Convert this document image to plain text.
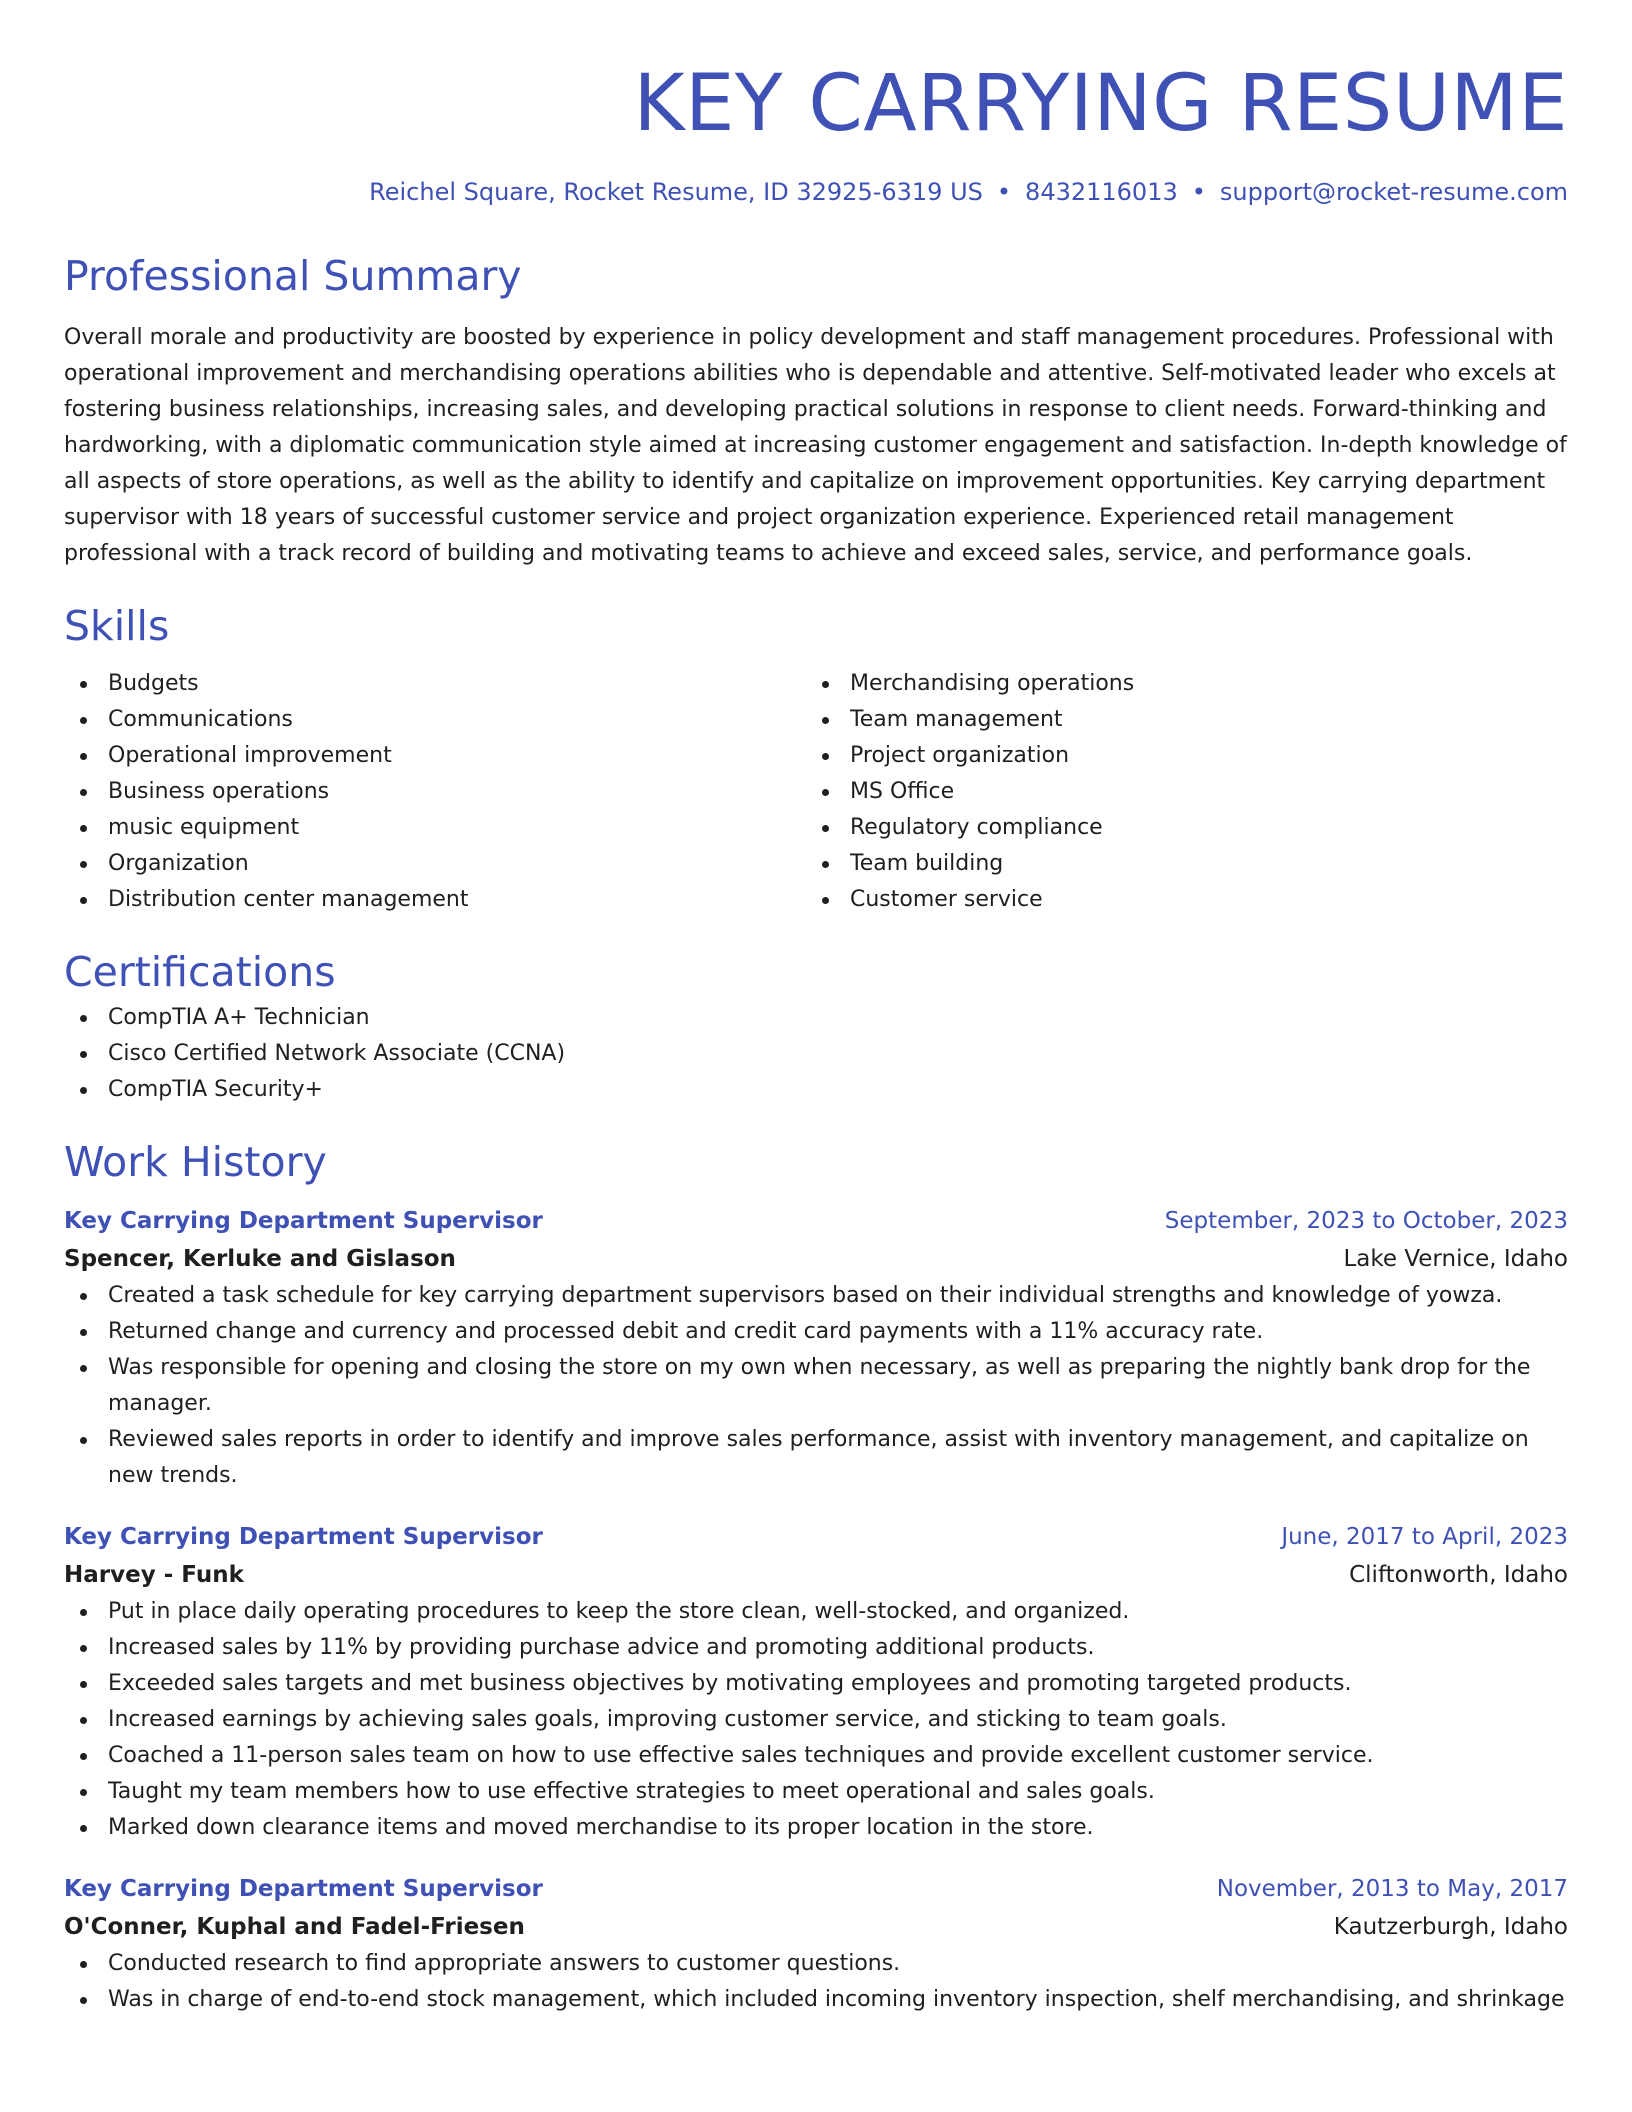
KEY CARRYING RESUME
Reichel Square, Rocket Resume, ID 32925-6319 US • 8432116013 • support@rocket-resume.com
Professional Summary
Overall morale and productivity are boosted by experience in policy development and staff management procedures. Professional with operational improvement and merchandising operations abilities who is dependable and attentive. Self-motivated leader who excels at fostering business relationships, increasing sales, and developing practical solutions in response to client needs. Forward-thinking and hardworking, with a diplomatic communication style aimed at increasing customer engagement and satisfaction. In-depth knowledge of all aspects of store operations, as well as the ability to identify and capitalize on improvement opportunities. Key carrying department supervisor with 18 years of successful customer service and project organization experience. Experienced retail management professional with a track record of building and motivating teams to achieve and exceed sales, service, and performance goals.
Skills
Budgets
Communications
Operational improvement
Business operations
music equipment
Organization
Distribution center management
Merchandising operations
Team management
Project organization
MS Office
Regulatory compliance
Team building
Customer service
Certifications
CompTIA A+ Technician
Cisco Certified Network Associate (CCNA)
CompTIA Security+
Work History
Key Carrying Department Supervisor	September, 2023 to October, 2023
Spencer, Kerluke and Gislason	Lake Vernice, Idaho
Created a task schedule for key carrying department supervisors based on their individual strengths and knowledge of yowza.
Returned change and currency and processed debit and credit card payments with a 11% accuracy rate.
Was responsible for opening and closing the store on my own when necessary, as well as preparing the nightly bank drop for the manager.
Reviewed sales reports in order to identify and improve sales performance, assist with inventory management, and capitalize on new trends.
Key Carrying Department Supervisor	June, 2017 to April, 2023
Harvey - Funk	Cliftonworth, Idaho
Put in place daily operating procedures to keep the store clean, well-stocked, and organized.
Increased sales by 11% by providing purchase advice and promoting additional products.
Exceeded sales targets and met business objectives by motivating employees and promoting targeted products.
Increased earnings by achieving sales goals, improving customer service, and sticking to team goals.
Coached a 11-person sales team on how to use effective sales techniques and provide excellent customer service.
Taught my team members how to use effective strategies to meet operational and sales goals.
Marked down clearance items and moved merchandise to its proper location in the store.
Key Carrying Department Supervisor	November, 2013 to May, 2017
O'Conner, Kuphal and Fadel-Friesen	Kautzerburgh, Idaho
Conducted research to find appropriate answers to customer questions.
Was in charge of end-to-end stock management, which included incoming inventory inspection, shelf merchandising, and shrinkage
